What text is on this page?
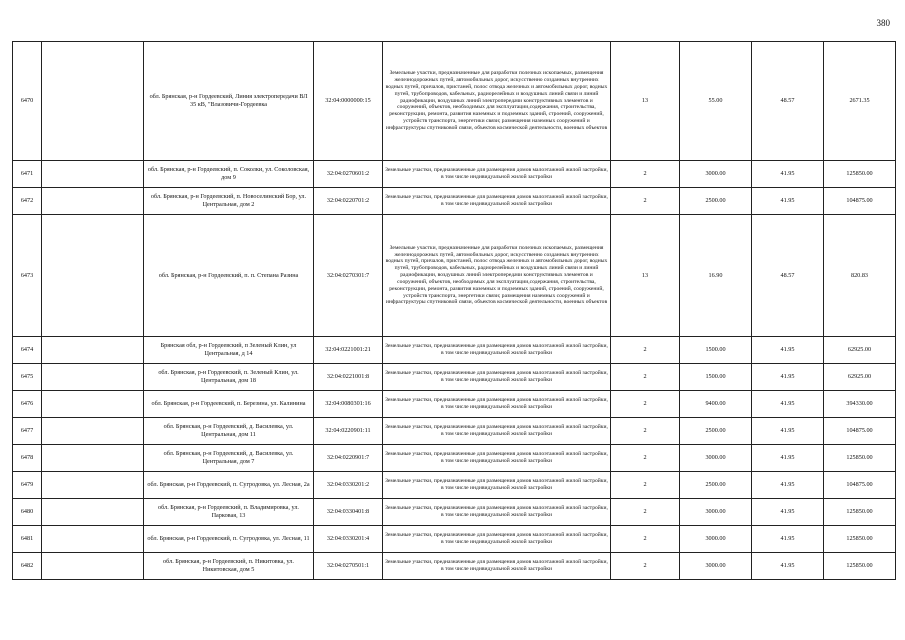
380
6470		обл. Брянская, р-н Гордеевский, Линия электропередачи ВЛ 35 кВ, "Влазовичи-Гордеевка	32:04:0000000:15	Земельные участки, предназначенные для разработки полезных ископаемых, размещения железнодорожных путей, автомобильных дорог, искусственно созданных внутренних водных путей, причалов, пристаней, полос отвода железных и автомобильных дорог, водных путей, трубопроводов, кабельных, радиорелейных и воздушных линий связи и линий радиофикации, воздушных линий электропередачи конструктивных элементов и сооружений, объектов, необходимых для эксплуатации,содержания, строительства, реконструкции, ремонта, развития наземных и подземных зданий, строений, сооружений, устройств транспорта, энергетики связи; размещения наземных сооружений и инфраструктуры спутниковой связи, объектов космической деятельности, военных объектов	13	55.00	48.57	2671.35
6471		обл. Брянская, р-н Гордеевский, п. Соколки, ул. Соколовская, дом 9	32:04:0270601:2	Земельные участки, предназначенные для размещения домов малоэтажной жилой застройки, в том числе индивидуальной жилой застройки	2	3000.00	41.95	125850.00
6472		обл. Брянская, р-н Гордеевский, п. Новоселинский Бор, ул. Центральная, дом 2	32:04:0220701:2	Земельные участки, предназначенные для размещения домов малоэтажной жилой застройки, в том числе индивидуальной жилой застройки	2	2500.00	41.95	104875.00
6473		обл. Брянская, р-н Гордеевский, п. п. Степана Разина	32:04:0270301:7	Земельные участки, предназначенные для разработки полезных ископаемых, размещения железнодорожных путей, автомобильных дорог, искусственно созданных внутренних водных путей, причалов, пристаней, полос отвода железных и автомобильных дорог, водных путей, трубопроводов, кабельных, радиорелейных и воздушных линий связи и линий радиофикации, воздушных линий электропередачи конструктивных элементов и сооружений, объектов, необходимых для эксплуатации,содержания, строительства, реконструкции, ремонта, развития наземных и подземных зданий, строений, сооружений, устройств транспорта, энергетики связи; размещения наземных сооружений и инфраструктуры спутниковой связи, объектов космической деятельности, военных объектов	13	16.90	48.57	820.83
6474		Брянская обл, р-н Гордеевский, п Зеленый Клин, ул Центральная, д 14	32:04:0221001:21	Земельные участки, предназначенные для размещения домов малоэтажной жилой застройки, в том числе индивидуальной жилой застройки	2	1500.00	41.95	62925.00
6475		обл. Брянская, р-н Гордеевский, п. Зеленый Клин, ул. Центральная, дом 18	32:04:0221001:8	Земельные участки, предназначенные для размещения домов малоэтажной жилой застройки, в том числе индивидуальной жилой застройки	2	1500.00	41.95	62925.00
6476		обл. Брянская, р-н Гордеевский, п. Березина, ул. Калинина	32:04:0080301:16	Земельные участки, предназначенные для размещения домов малоэтажной жилой застройки, в том числе индивидуальной жилой застройки	2	9400.00	41.95	394330.00
6477		обл. Брянская, р-н Гордеевский, д. Василевка, ул. Центральная, дом 11	32:04:0220901:11	Земельные участки, предназначенные для размещения домов малоэтажной жилой застройки, в том числе индивидуальной жилой застройки	2	2500.00	41.95	104875.00
6478		обл. Брянская, р-н Гордеевский, д. Василевка, ул. Центральная, дом 7	32:04:0220901:7	Земельные участки, предназначенные для размещения домов малоэтажной жилой застройки, в том числе индивидуальной жилой застройки	2	3000.00	41.95	125850.00
6479		обл. Брянская, р-н Гордеевский, п. Сугродовка, ул. Лесная, 2а	32:04:0330201:2	Земельные участки, предназначенные для размещения домов малоэтажной жилой застройки, в том числе индивидуальной жилой застройки	2	2500.00	41.95	104875.00
6480		обл. Брянская, р-н Гордеевский, п. Владимировка, ул. Парковая, 13	32:04:0330401:8	Земельные участки, предназначенные для размещения домов малоэтажной жилой застройки, в том числе индивидуальной жилой застройки	2	3000.00	41.95	125850.00
6481		обл. Брянская, р-н Гордеевский, п. Сугродовка, ул. Лесная, 11	32:04:0330201:4	Земельные участки, предназначенные для размещения домов малоэтажной жилой застройки, в том числе индивидуальной жилой застройки	2	3000.00	41.95	125850.00
6482		обл. Брянская, р-н Гордеевский, п. Никитовка, ул. Никитовская, дом 5	32:04:0270501:1	Земельные участки, предназначенные для размещения домов малоэтажной жилой застройки, в том числе индивидуальной жилой застройки	2	3000.00	41.95	125850.00
